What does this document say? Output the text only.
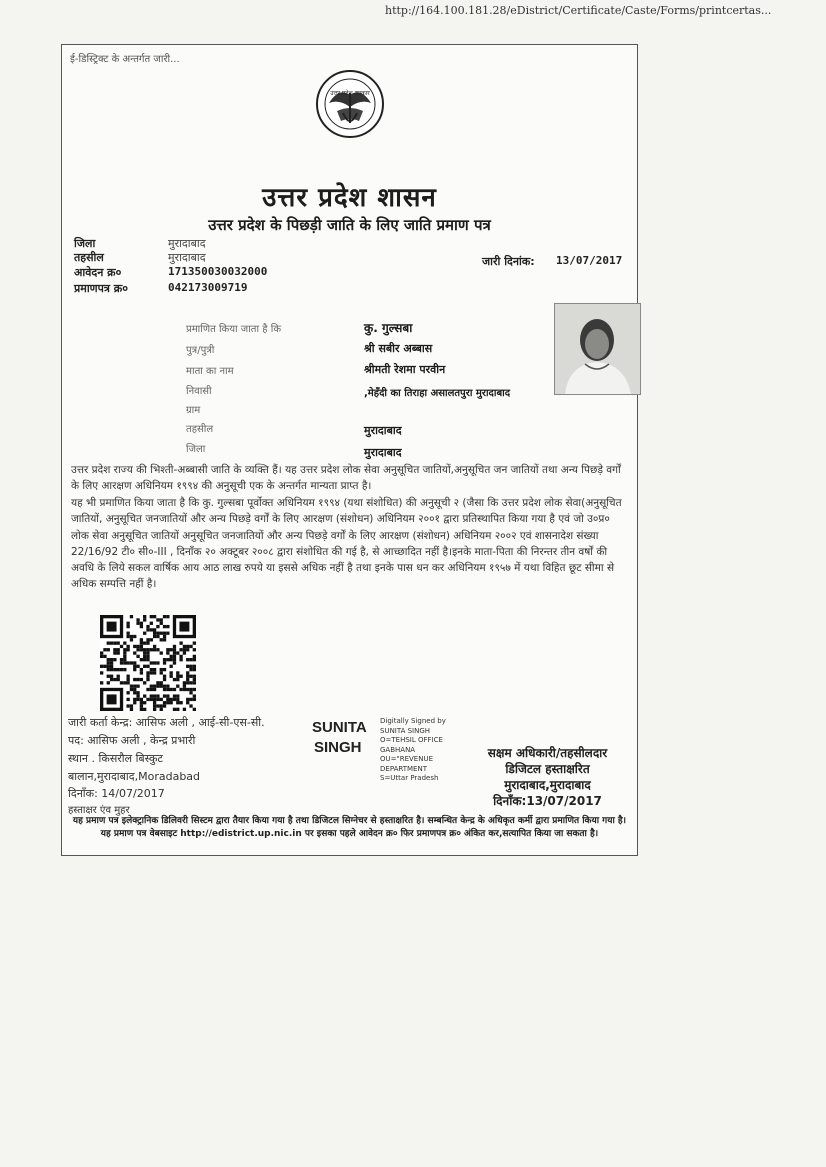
http://164.100.181.28/eDistrict/Certificate/Caste/Forms/printcertas...
ई-डिस्ट्रिक्ट के अन्तर्गत जारी...
उत्तर प्रदेश सरकार
उत्तर प्रदेश शासन
उत्तर प्रदेश के पिछड़ी जाति के लिए जाति प्रमाण पत्र
जिला	मुरादाबाद
तहसील	मुरादाबाद
आवेदन क्र०	171350030032000
प्रमाणपत्र क्र०	042173009719
जारी दिनांक: 13/07/2017
प्रमाणित किया जाता है कि	कु. गुल्सबा
पुत्र/पुत्री	श्री सबीर अब्बास
माता का नाम	श्रीमती रेशमा परवीन
निवासी	,मेहँदी का तिराहा असालतपुरा मुरादाबाद
ग्राम
तहसील	मुरादाबाद
जिला	मुरादाबाद

उत्तर प्रदेश राज्य की भिश्ती-अब्बासी जाति के व्यक्ति हैं। यह उत्तर प्रदेश लोक सेवा अनुसूचित जातियों,अनुसूचित जन जातियों तथा अन्य पिछड़े वर्गों के लिए आरक्षण अधिनियम १९९४ की अनुसूची एक के अन्तर्गत मान्यता प्राप्त है।

यह भी प्रमाणित किया जाता है कि कु. गुल्सबा पूर्वोक्त अधिनियम १९९४ (यथा संशोधित) की अनुसूची २ (जैसा कि उत्तर प्रदेश लोक सेवा(अनुसूचित जातियों, अनुसूचित जनजातियों और अन्य पिछड़े वर्गों के लिए आरक्षण (संशोधन) अधिनियम २००१ द्वारा प्रतिस्थापित किया गया है एवं जो उ०प्र० लोक सेवा अनुसूचित जातियों अनुसूचित जनजातियों और अन्य पिछड़े वर्गों के लिए आरक्षण (संशोधन) अधिनियम २००२ एवं शासनादेश संख्या 22/16/92 टी० सी०-III , दिनाँक २० अक्टूबर २००८ द्वारा संशोधित की गई है, से आच्छादित नहीं है।इनके माता-पिता की निरन्तर तीन वर्षों की अवधि के लिये सकल वार्षिक आय आठ लाख रुपये या इससे अधिक नहीं है तथा इनके पास धन कर अधिनियम १९५७ में यथा विहित छूट सीमा से अधिक सम्पत्ति नहीं है।

जारी कर्ता केन्द्र: आसिफ अली , आई-सी-एस-सी.
पद: आसिफ अली , केन्द्र प्रभारी
स्थान . किसरौल बिस्कुट
बालान,मुरादाबाद,Moradabad
दिनाँक: 14/07/2017
हस्ताक्षर एंव मुहर
SUNITA
SINGH
Digitally Signed by
SUNITA SINGH
O=TEHSIL OFFICE
GABHANA
OU="REVENUE
DEPARTMENT
S=Uttar Pradesh
सक्षम अधिकारी/तहसीलदार
डिजिटल हस्ताक्षरित
मुरादाबाद,मुरादाबाद
दिनाँक:13/07/2017
यह प्रमाण पत्र इलेक्ट्रानिक डिलिवरी सिस्टम द्वारा तैयार किया गया है तथा डिजिटल सिग्नेचर से हस्ताक्षरित है। सम्बन्धित केन्द्र के अधिकृत कर्मी द्वारा प्रमाणित किया गया है। यह प्रमाण पत्र वेबसाइट http://edistrict.up.nic.in पर इसका पहले आवेदन क्र० फिर प्रमाणपत्र क्र० अंकित कर,सत्यापित किया जा सकता है।
